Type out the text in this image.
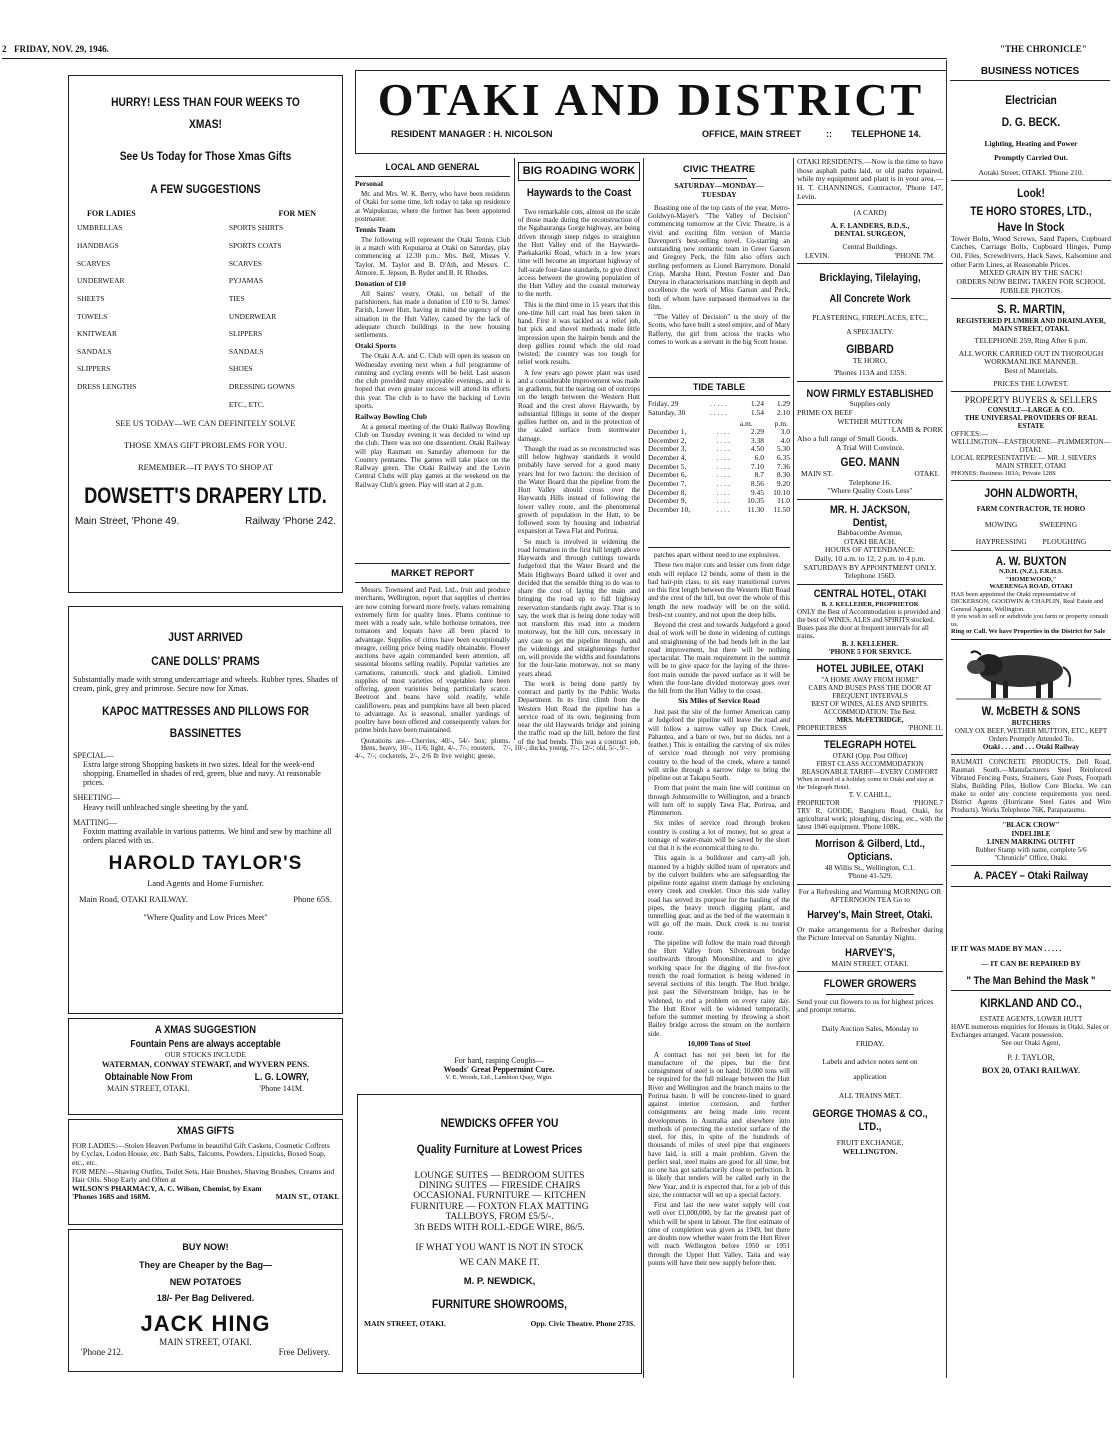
2 FRIDAY, NOV. 29, 1946.	"THE CHRONICLE"
BUSINESS NOTICES
HURRY! LESS THAN FOUR WEEKS TO
XMAS!
See Us Today for Those Xmas Gifts
A FEW SUGGESTIONS
FOR LADIES	FOR MEN
UMBRELLAS	SPORTS SHIRTS
HANDBAGS	SPORTS COATS
SCARVES	SCARVES
UNDERWEAR	PYJAMAS
SHEETS	TIES
TOWELS	UNDERWEAR
KNITWEAR	SLIPPERS
SANDALS	SANDALS
SLIPPERS	SHOES
DRESS LENGTHS	DRESSING GOWNS
ETC., ETC.
SEE US TODAY—WE CAN DEFINITELY SOLVE
THOSE XMAS GIFT PROBLEMS FOR YOU.
REMEMBER—IT PAYS TO SHOP AT
DOWSETT'S DRAPERY LTD.
Main Street, 'Phone 49.	Railway 'Phone 242.
JUST ARRIVED
CANE DOLLS' PRAMS
Substantially made with strong undercarriage and wheels. Rubber tyres. Shades of cream, pink, grey and primrose. Secure now for Xmas.
KAPOC MATTRESSES AND PILLOWS FOR
BASSINETTES
SPECIAL—
Extra large strong Shopping baskets in two sizes. Ideal for the week-end shopping. Enamelled in shades of red, green, blue and navy. At reasonable prices.
SHEETING—
Heavy twill unbleached single sheeting by the yard.
MATTING—
Foxton matting available in various patterns. We bind and sew by machine all orders placed with us.
HAROLD TAYLOR'S
Land Agents and Home Furnisher.
Main Road, OTAKI RAILWAY.	Phone 65S.
"Where Quality and Low Prices Meet"
A XMAS SUGGESTION
Fountain Pens are always acceptable
OUR STOCKS INCLUDE
WATERMAN, CONWAY STEWART, and WYVERN PENS.
Obtainable Now From	L. G. LOWRY,
MAIN STREET, OTAKI.	'Phone 141M.
XMAS GIFTS
FOR LADIES:—Stolen Heaven Perfume in beautiful Gift Caskets, Cosmetic Coffrets by Cyclax, Lodon House, etc. Bath Salts, Talcums, Powders, Lipsticks, Boxed Soap, etc., etc.
FOR MEN:—Shaving Outfits, Toilet Sets, Hair Brushes, Shaving Brushes, Creams and Hair Oils. Shop Early and Often at
WILSON'S PHARMACY, A. C. Wilson, Chemist, by Exam
'Phones 168S and 168M.	MAIN ST., OTAKI.
BUY NOW!
They are Cheaper by the Bag—
NEW POTATOES
18/- Per Bag Delivered.
JACK HING
MAIN STREET, OTAKI.
'Phone 212.	Free Delivery.
OTAKI AND DISTRICT
RESIDENT MANAGER : H. NICOLSON	OFFICE, MAIN STREET	:: TELEPHONE 14.
LOCAL AND GENERAL
Personal

Mr. and Mrs. W. K. Berry, who have been residents of Otaki for some time, left today to take up residence at Waipukurau, where the former has been appointed postmaster.

Tennis Team

The following will represent the Otaki Tennis Club in a match with Koputaroa at Otaki on Saturday, play commencing at 12.30 p.m.: Mrs. Bell, Misses V. Taylor, M. Taylor and B. D'Ath, and Messrs. C. Atmore, E. Jepson, B. Ryder and B. H. Rhodes.

Donation of £10

All Saints' vestry, Otaki, on behalf of the parishioners, has made a donation of £10 to St. James' Parish, Lower Hutt, having in mind the urgency of the situation in the Hutt Valley, caused by the lack of adequate church buildings in the new housing settlements.

Otaki Sports

The Otaki A.A. and C. Club will open its season on Wednesday evening next when a full programme of running and cycling events will be held. Last season the club provided many enjoyable evenings, and it is hoped that even greater success will attend its efforts this year. The club is to have the backing of Levin sports.

Railway Bowling Club

At a general meeting of the Otaki Railway Bowling Club on Tuesday evening it was decided to wind up the club. There was not one dissentient. Otaki Railway will play Raumati on Saturday afternoon for the Country pennants. The games will take place on the Railway green. The Otaki Railway and the Levin Central Clubs will play games at the weekend on the Railway Club's green. Play will start at 2 p.m.

MARKET REPORT

Messrs. Townsend and Paul, Ltd., fruit and produce merchants, Wellington, report that supplies of cherries are now coming forward more freely, values remaining extremely firm for quality lines. Plums continue to meet with a ready sale, while hothouse tomatoes, tree tomatoes and loquats have all been placed to advantage. Supplies of citrus have been exceptionally meagre, ceiling price being readily obtainable. Flower auctions have again commanded keen attention, all seasonal blooms selling readily. Popular varieties are carnations, ranunculi, stock and gladioli. Limited supplies of most varieties of vegetables have been offering, green varieties being particularly scarce. Beetroot and beans have sold readily, while cauliflowers, peas and pumpkins have all been placed to advantage. As is seasonal, smaller yardings of poultry have been offered and consequently values for prime birds have been maintained.

Quotations are—Cherries, 40/-, 54/- box; plums,

Hens, heavy, 10/-, 11/6; light, 4/-, 7/-; roosters, 4/-, 7/-; cockerels, 2/-, 2/6 lb live weight; geese, 7/-, 10/-; ducks, young, 7/-, 12/-; old, 5/-, 9/-.

BIG ROADING WORK
Haywards to the Coast

Two remarkable cuts, almost on the scale of those made during the reconstruction of the Ngahauranga Gorge highway, are being driven through steep ridges to straighten the Hutt Valley end of the Haywards-Paekakariki Road, which in a few years time will become an important highway of full-scale four-lane standards, to give direct access between the growing population of the Hutt Valley and the coastal motorway to the north.

This is the third time in 15 years that this one-time hill cart road has been taken in hand. First it was tackled as a relief job, but pick and shovel methods made little impression upon the hairpin bends and the deep gullies round which the old road twisted; the country was too tough for relief work results.

A few years ago power plant was used and a considerable improvement was made in gradients, but the tearing out of outcrops on the length between the Western Hutt Road and the crest above Haywards, by substantial fillings in some of the deeper gullies further on, and in the protection of the scaled surface from stormwater damage.

Though the road as so reconstructed was still below highway standards it would probably have served for a good many years but for two factors: the decision of the Water Board that the pipeline from the Hutt Valley should cross over the Haywards Hills instead of following the lower valley route, and the phenomenal growth of population in the Hutt, to be followed soon by housing and industrial expansion at Tawa Flat and Porirua.

So much is involved in widening the road formation in the first hill length above Haywards and through cuttings towards Judgeford that the Water Board and the Main Highways Board talked it over and decided that the sensible thing to do was to share the cost of laying the main and bringing the road up to full highway reservation standards right away. That is to say, the work that is being done today will not transform this road into a modern motorway, but the hill cuts, necessary in any case to get the pipeline through, and the widenings and straightenings further on, will provide the widths and foundations for the four-lane motorway, not so many years ahead.

The work is being done partly by contract and partly by the Public Works Department. In its first climb from the Western Hutt Road the pipeline has a service road of its own, beginning from near the old Haywards bridge and joining the traffic road up the hill, before the first of the bad bends. This was a contract job,

For hard, rasping Coughs—
Woods' Great Peppermint Cure.
V. E. Woods, Ltd., Lambton Quay, Wgtn.
NEWDICKS OFFER YOU
Quality Furniture at Lowest Prices
LOUNGE SUITES — BEDROOM SUITES
DINING SUITES — FIRESIDE CHAIRS
OCCASIONAL FURNITURE — KITCHEN
FURNITURE — FOXTON FLAX MATTING
TALLBOYS, FROM £5/5/-.
3ft BEDS WITH ROLL-EDGE WIRE, 86/5.
IF WHAT YOU WANT IS NOT IN STOCK
WE CAN MAKE IT.
M. P. NEWDICK,
FURNITURE SHOWROOMS,
MAIN STREET, OTAKI.	Opp. Civic Theatre. Phone 273S.
CIVIC THEATRE
SATURDAY—MONDAY—
TUESDAY

Boasting one of the top casts of the year, Metro-Goldwyn-Mayer's "The Valley of Decision" commencing tomorrow at the Civic Theatre, is a vivid and exciting film version of Marcia Davenport's best-selling novel. Co-starring an outstanding new romantic team in Greer Garson and Gregory Peck, the film also offers such sterling performers as Lionel Barrymore, Donald Crisp, Marsha Hunt, Preston Foster and Dan Duryea in characterisations matching in depth and excellence the work of Miss Garson and Peck, both of whom have surpassed themselves in the film.

"The Valley of Decision" is the story of the Scotts, who have built a steel empire, and of Mary Rafferty, the girl from across the tracks who comes to work as a servant in the big Scott house.

TIDE TABLE
Friday, 29	. . . . .	1.24	1.29
Saturday, 30	. . . . .	1.54	2.10
a.m.	p.m.
December 1,	. . . .	2.29	3.0
December 2,	. . . .	3.38	4.0
December 3,	. . . .	4.50	5.30
December 4,	. . . .	6.0	6.35
December 5,	. . . .	7.10	7.36
December 6,	. . . .	8.7	8.30
December 7,	. . . .	8.56	9.20
December 8,	. . . .	9.45	10.10
December 9,	. . . .	10.35	11.0
December 10,	. . . .	11.30	11.50

patches apart without need to use explosives.

These two major cuts and lesser cuts from ridge ends will replace 12 bends, some of them in the bad hair-pin class, to six easy transitional curves on this first length between the Western Hutt Road and the crest of the hill, but over the whole of this length the new roadway will be on the solid, fresh-cut country, and not upon the deep hills.

Beyond the crest and towards Judgeford a good deal of work will be done in widening of cuttings and straightening of the bad bends left in the last road improvement, but there will be nothing spectacular. The main requirement in the summit will be to give space for the laying of the three-foot main outside the paved surface as it will be when the four-lane divided motorway goes over the hill from the Hutt Valley to the coast.

Six Miles of Service Road

Just past the site of the former American camp at Judgeford the pipeline will leave the road and will follow a narrow valley up Duck Creek, Pahautea, and a bare or two, but no ducks, not a feather.) This is entailing the carving of six miles of service road through not very promising country to the head of the creek, where a tunnel will strike through a narrow ridge to bring the pipeline out at Takapu South.

From that point the main line will continue on through Johnsonville to Wellington, and a branch will turn off to supply Tawa Flat, Porirua, and Plimmerton.

Six miles of service road through broken country is costing a lot of money, but so great a tonnage of water-main will be saved by the short cut that it is the economical thing to do.

This again is a bulldozer and carry-all job, manned by a highly skilled team of operators and by the culvert builders who are safeguarding the pipeline route against storm damage by enclosing every creek and creeklet. Once this side valley road has served its purpose for the hauling of the pipes, the heavy trench digging plant, and tunnelling gear, and as the bed of the watermain it will go off the main. Duck creek is no tourist route.

The pipeline will follow the main road through the Hutt Valley from Silverstream bridge southwards through Moonshine, and to give working space for the digging of the five-foot trench the road formation is being widened in several sections of this length. The Hutt bridge, just past the Silverstream bridge, has to be widened, to end a problem on every rainy day. The Hutt River will be widened temporarily, before the summer meeting by throwing a short Bailey bridge across the stream on the northern side.

10,000 Tons of Steel

A contract has not yet been let for the manufacture of the pipes, but the first consignment of steel is on hand; 10,000 tons will be required for the full mileage between the Hutt River and Wellington and the branch mains to the Porirua basin. It will be concrete-lined to guard against interior corrosion, and further consignments are being made into recent developments in Australia and elsewhere into methods of protecting the exterior surface of the steel, for this, in spite of the hundreds of thousands of miles of steel pipe that engineers have laid, is still a main problem. Given the perfect seal, steel mains are good for all time, but no one has got satisfactorily close to perfection. It is likely that tenders will be called early in the New Year, and it is expected that, for a job of this size, the contractor will set up a special factory.

First and last the new water supply will cost well over £1,000,000, by far the greatest part of which will be spent in labour. The first estimate of time of completion was given as 1949, but there are doubts now whether water from the Hutt River will reach Wellington before 1950 or 1951 through the Upper Hutt Valley, Taita and way points will have their new supply before then.

OTAKI RESIDENTS.—Now is the time to have those asphalt paths laid, or old paths repaired, while my equipment and plant is in your area.—H. T. CHANNINGS, Contractor, 'Phone 147, Levin.
(A CARD)
A. F. LANDERS, B.D.S.,
DENTAL SURGEON,
Central Buildings.
LEVIN.	'PHONE 7M.
Bricklaying, Tilelaying,
All Concrete Work
PLASTERING, FIREPLACES, ETC.,
A SPECIALTY.
GIBBARD
TE HORO,
'Phones 113A and 135S.
NOW FIRMLY ESTABLISHED
Supplies only
PRIME OX BEEF
WETHER MUTTON
LAMB & PORK
Also a full range of Small Goods.
A Trial Will Convince.
GEO. MANN
MAIN ST.	OTAKI.
Telephone 16.
"Where Quality Costs Less"
MR. H. JACKSON,
Dentist,
Babbacombe Avenue,
OTAKI BEACH.
HOURS OF ATTENDANCE:
Daily, 10 a.m. to 12, 2 p.m. to 4 p.m.
SATURDAYS BY APPOINTMENT ONLY.
Telephone 156D.
CENTRAL HOTEL, OTAKI
B. J. KELLEHER, PROPRIETOR
ONLY the Best of Accommodation is provided and the best of WINES, ALES and SPIRITS stocked.
Buses pass the door at frequent intervals for all trains.
B. J. KELLEHER.
'PHONE 5 FOR SERVICE.
HOTEL JUBILEE, OTAKI
"A HOME AWAY FROM HOME"
CARS AND BUSES PASS THE DOOR AT FREQUENT INTERVALS
BEST OF WINES, ALES AND SPIRITS.
ACCOMMODATION: The Best.
MRS. McFETRIDGE,
PROPRIETRESS	'PHONE 11.
TELEGRAPH HOTEL
OTAKI (Opp. Post Office)
FIRST CLASS ACCOMMODATION
REASONABLE TARIFF—EVERY COMFORT
When in need of a holiday come to Otaki and stay at the Telegraph Hotel.
T. V. CAHILL,
PROPRIETOR	'PHONE 7
TRY R. GOODE, Bangiuru Road, Otaki, for agricultural work; ploughing, discing, etc., with the latest 1946 equipment. 'Phone 108K.
Morrison & Gilberd, Ltd.,
Opticians.
48 Willis St., Wellington, C.1.
'Phone 41-529.
For a Refreshing and Warming MORNING OR AFTERNOON TEA Go to
Harvey's, Main Street, Otaki.
Or make arrangements for a Refresher during the Picture Interval on Saturday Nights.
HARVEY'S,
MAIN STREET, OTAKI.
FLOWER GROWERS
Send your cut flowers to us for highest prices and prompt returns.
Daily Auction Sales, Monday to
FRIDAY.
Labels and advice notes sent on
application
ALL TRAINS MET.
GEORGE THOMAS & CO.,
LTD.,
FRUIT EXCHANGE,
WELLINGTON.
Electrician
D. G. BECK.
Lighting, Heating and Power
Promptly Carried Out.
Aotaki Street, OTAKI. 'Phone 210.
Look!
TE HORO STORES, LTD.,
Have In Stock
Tower Bolts, Wood Screws, Sand Papers, Cupboard Catches, Carriage Bolts, Cupboard Hinges, Pump Oil, Files, Screwdrivers, Hack Saws, Kalsomine and other Farm Lines, at Reasonable Prices.
MIXED GRAIN BY THE SACK!
ORDERS NOW BEING TAKEN FOR SCHOOL JUBILEE PHOTOS.
S. R. MARTIN,
REGISTERED PLUMBER AND DRAINLAYER,
MAIN STREET, OTAKI.
TELEPHONE 259, Ring After 6 p.m.
ALL WORK CARRIED OUT IN THOROUGH WORKMANLIKE MANNER.
Best of Materials.
PRICES THE LOWEST.
PROPERTY BUYERS & SELLERS
CONSULT—LARGE & CO.
THE UNIVERSAL PROVIDERS OF REAL ESTATE
OFFICES:—
WELLINGTON—EASTBOURNE—PLIMMERTON—OTAKI.
LOCAL REPRESENTATIVE: — MR. J. SIEVERS
MAIN STREET, OTAKI
PHONES: Business 183A; Private 128S
JOHN ALDWORTH,
FARM CONTRACTOR, TE HORO
MOWING SWEEPING
HAYPRESSING PLOUGHING
A. W. BUXTON
N.D.H. (N.Z.), F.R.H.S.
"HOMEWOOD,"
WAERENGA ROAD, OTAKI
HAS been appointed the Otaki representative of DICKERSON, GOODWIN & CHAPLIN, Real Estate and General Agents, Wellington.
If you wish to sell or subdivide you farm or property consult us.
Ring or Call. We have Properties in the District for Sale
W. McBETH & SONS
BUTCHERS
ONLY OX BEEF, WETHER MUTTON, ETC., KEPT
Orders Promptly Attended To.
Otaki . . . and . . . Otaki Railway
RAUMATI CONCRETE PRODUCTS, Dell Road, Raumati South.—Manufacturers Steel Reinforced Vibrated Fencing Posts, Strainers, Gate Posts, Footpath Slabs, Building Piles, Hollow Core Blocks. We can make to order any concrete requirements you need. District Agents (Hurricane Steel Gates and Wire Products). Works Telephone 76K, Paraparaumu.
"BLACK CROW"
INDELIBLE
LINEN MARKING OUTFIT
Rubber Stamp with name, complete 5/6
"Chronicle" Office, Otaki.
A. PACEY – Otaki Railway
IF IT WAS MADE BY MAN . . . . .
— IT CAN BE REPAIRED BY
" The Man Behind the Mask "
KIRKLAND AND CO.,
ESTATE AGENTS, LOWER HUTT
HAVE numerous enquiries for Houses in Otaki. Sales or Exchanges arranged. Vacant possession.
See our Otaki Agent,
P. J. TAYLOR,
BOX 20, OTAKI RAILWAY.
